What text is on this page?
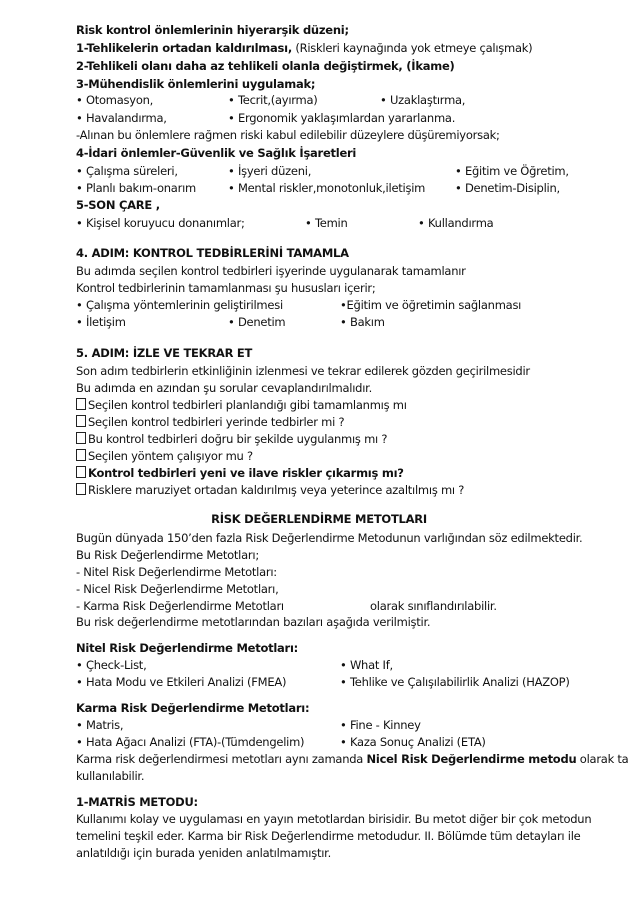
Risk kontrol önlemlerinin hiyerarşik düzeni;
1-Tehlikelerin ortadan kaldırılması, (Riskleri kaynağında yok etmeye çalışmak)
2-Tehlikeli olanı daha az tehlikeli olanla değiştirmek, (İkame)
3-Mühendislik önlemlerini uygulamak;
• Otomasyon,	• Tecrit,(ayırma)	• Uzaklaştırma,
• Havalandırma,	• Ergonomik yaklaşımlardan yararlanma.
-Alınan bu önlemlere rağmen riski kabul edilebilir düzeylere düşüremiyorsak;
4-İdari önlemler-Güvenlik ve Sağlık İşaretleri
• Çalışma süreleri,	• İşyeri düzeni,	• Eğitim ve Öğretim,
• Planlı bakım-onarım	• Mental riskler,monotonluk,iletişim	• Denetim-Disiplin,
5-SON ÇARE ,
• Kişisel koruyucu donanımlar;	• Temin	• Kullandırma
4. ADIM: KONTROL TEDBİRLERİNİ TAMAMLA
Bu adımda seçilen kontrol tedbirleri işyerinde uygulanarak tamamlanır
Kontrol tedbirlerinin tamamlanması şu hususları içerir;
• Çalışma yöntemlerinin geliştirilmesi	•Eğitim ve öğretimin sağlanması
• İletişim	• Denetim	• Bakım
5. ADIM: İZLE VE TEKRAR ET
Son adım tedbirlerin etkinliğinin izlenmesi ve tekrar edilerek gözden geçirilmesidir
Bu adımda en azından şu sorular cevaplandırılmalıdır.
Seçilen kontrol tedbirleri planlandığı gibi tamamlanmış mı
Seçilen kontrol tedbirleri yerinde tedbirler mi ?
Bu kontrol tedbirleri doğru bir şekilde uygulanmış mı ?
Seçilen yöntem çalışıyor mu ?
Kontrol tedbirleri yeni ve ilave riskler çıkarmış mı?
Risklere maruziyet ortadan kaldırılmış veya yeterince azaltılmış mı ?
RİSK DEĞERLENDİRME METOTLARI
Bugün dünyada 150’den fazla Risk Değerlendirme Metodunun varlığından söz edilmektedir.
Bu Risk Değerlendirme Metotları;
- Nitel Risk Değerlendirme Metotları:
- Nicel Risk Değerlendirme Metotları,
- Karma Risk Değerlendirme Metotları	olarak sınıflandırılabilir.
Bu risk değerlendirme metotlarından bazıları aşağıda verilmiştir.
Nitel Risk Değerlendirme Metotları:
• Çheck-List,	• What If,
• Hata Modu ve Etkileri Analizi (FMEA)	• Tehlike ve Çalışılabilirlik Analizi (HAZOP)
Karma Risk Değerlendirme Metotları:
• Matris,	• Fine - Kinney
• Hata Ağacı Analizi (FTA)-(Tümdengelim)	• Kaza Sonuç Analizi (ETA)
Karma risk değerlendirmesi metotları aynı zamanda Nicel Risk Değerlendirme metodu olarak ta
kullanılabilir.
1-MATRİS METODU:
Kullanımı kolay ve uygulaması en yayın metotlardan birisidir. Bu metot diğer bir çok metodun
temelini teşkil eder. Karma bir Risk Değerlendirme metodudur. II. Bölümde tüm detayları ile
anlatıldığı için burada yeniden anlatılmamıştır.
